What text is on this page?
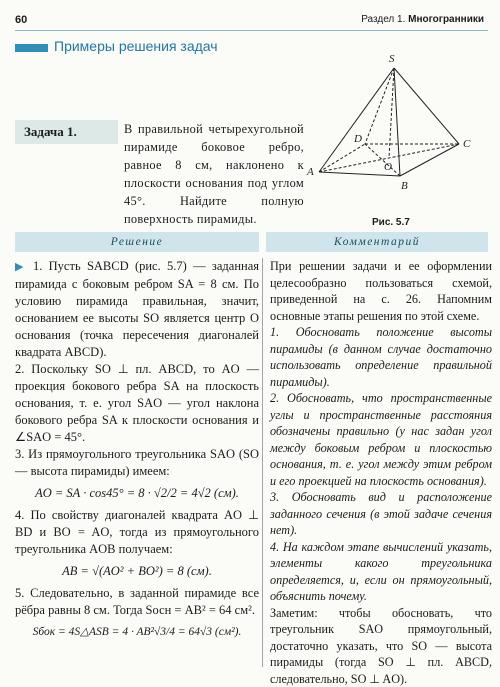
60	Раздел 1. Многогранники
Примеры решения задач
Задача 1.	В правильной четырехугольной пирамиде боковое ребро, равное 8 см, наклонено к плоскости основания под углом 45°. Найдите полную поверхность пирамиды.
S
A
B
C
D
O
Рис. 5.7
Решение	Комментарий

▶ 1. Пусть SABCD (рис. 5.7) — заданная пирамида с боковым ребром SA = 8 см. По условию пирамида правильная, значит, основанием ее высоты SO является центр O основания (точка пересечения диагоналей квадрата ABCD).

2. Поскольку SO ⊥ пл. ABCD, то AO — проекция бокового ребра SA на плоскость основания, т. е. угол SAO — угол наклона бокового ребра SA к плоскости основания и ∠SAO = 45°.

3. Из прямоугольного треугольника SAO (SO — высота пирамиды) имеем:

AO = SA · cos45° = 8 · √2/2 = 4√2 (см).

4. По свойству диагоналей квадрата AO ⊥ BD и BO = AO, тогда из прямоугольного треугольника AOB получаем:

AB = √(AO² + BO²) = 8 (см).

5. Следовательно, в заданной пирамиде все рёбра равны 8 см. Тогда Sосн = AB² = 64 см².

Sбок = 4S△ASB = 4 · AB²√3/4 = 64√3 (см²).

При решении задачи и ее оформлении целесообразно пользоваться схемой, приведенной на с. 26. Напомним основные этапы решения по этой схеме.

1. Обосновать положение высоты пирамиды (в данном случае достаточно использовать определение правильной пирамиды).

2. Обосновать, что пространственные углы и пространственные расстояния обозначены правильно (у нас задан угол между боковым ребром и плоскостью основания, т. е. угол между этим ребром и его проекцией на плоскость основания).

3. Обосновать вид и расположение заданного сечения (в этой задаче сечения нет).

4. На каждом этапе вычислений указать, элементы какого треугольника определяется, и, если он прямоугольный, объяснить почему.

Заметим: чтобы обосновать, что треугольник SAO прямоугольный, достаточно указать, что SO — высота пирамиды (тогда SO ⊥ пл. ABCD, следовательно, SO ⊥ AO).
